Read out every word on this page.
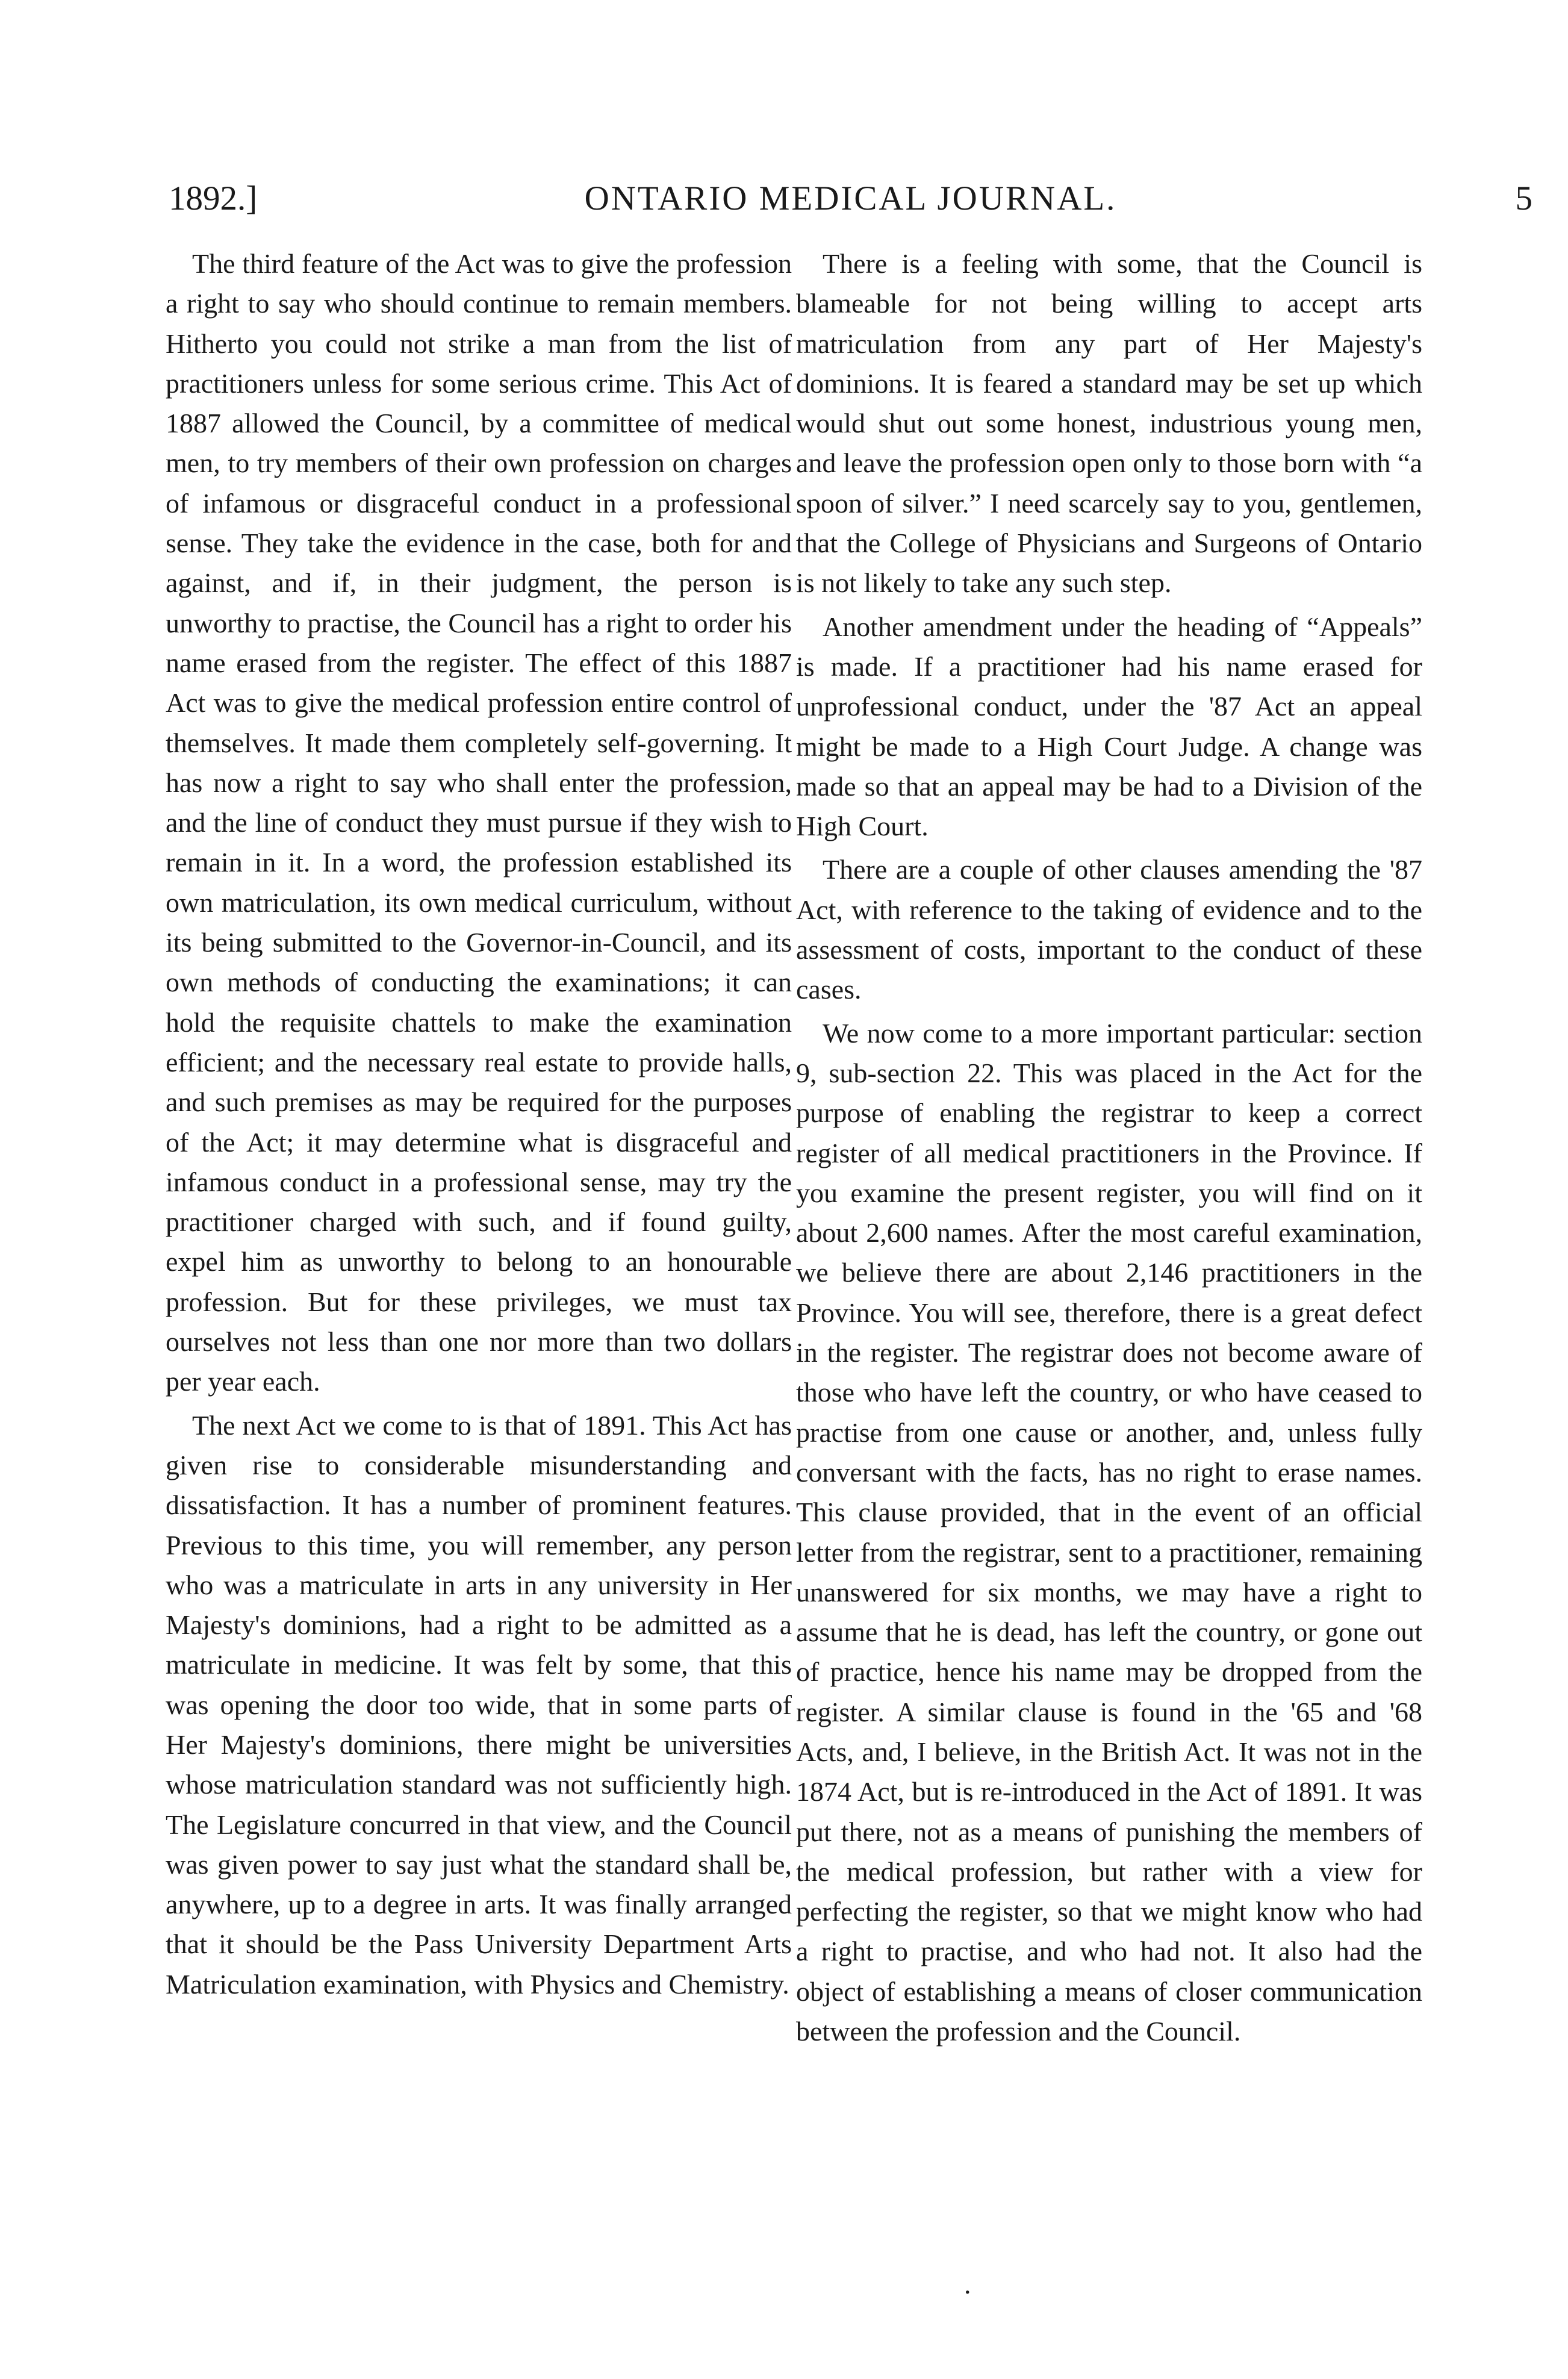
1892.]	ONTARIO MEDICAL JOURNAL.	5

The third feature of the Act was to give the profession a right to say who should continue to remain members. Hitherto you could not strike a man from the list of practitioners unless for some serious crime. This Act of 1887 allowed the Council, by a committee of medical men, to try members of their own profession on charges of infamous or disgraceful conduct in a professional sense. They take the evidence in the case, both for and against, and if, in their judgment, the person is unworthy to practise, the Council has a right to order his name erased from the register. The effect of this 1887 Act was to give the medical profession entire control of themselves. It made them completely self-governing. It has now a right to say who shall enter the profession, and the line of conduct they must pursue if they wish to remain in it. In a word, the profession established its own matriculation, its own medical curriculum, without its being submitted to the Governor-in-Council, and its own methods of conducting the examinations; it can hold the requisite chattels to make the examination efficient; and the necessary real estate to provide halls, and such premises as may be required for the purposes of the Act; it may determine what is disgraceful and infamous conduct in a professional sense, may try the practitioner charged with such, and if found guilty, expel him as unworthy to belong to an honourable profession. But for these privileges, we must tax ourselves not less than one nor more than two dollars per year each.

The next Act we come to is that of 1891. This Act has given rise to considerable misunderstanding and dissatisfaction. It has a number of prominent features. Previous to this time, you will remember, any person who was a matriculate in arts in any university in Her Majesty's dominions, had a right to be admitted as a matriculate in medicine. It was felt by some, that this was opening the door too wide, that in some parts of Her Majesty's dominions, there might be universities whose matriculation standard was not sufficiently high. The Legislature concurred in that view, and the Council was given power to say just what the standard shall be, anywhere, up to a degree in arts. It was finally arranged that it should be the Pass University Department Arts Matriculation examination, with Physics and Chemistry.

There is a feeling with some, that the Council is blameable for not being willing to accept arts matriculation from any part of Her Majesty's dominions. It is feared a standard may be set up which would shut out some honest, industrious young men, and leave the profession open only to those born with “a spoon of silver.” I need scarcely say to you, gentlemen, that the College of Physicians and Surgeons of Ontario is not likely to take any such step.

Another amendment under the heading of “Appeals” is made. If a practitioner had his name erased for unprofessional conduct, under the '87 Act an appeal might be made to a High Court Judge. A change was made so that an appeal may be had to a Division of the High Court.

There are a couple of other clauses amending the '87 Act, with reference to the taking of evidence and to the assessment of costs, important to the conduct of these cases.

We now come to a more important particular: section 9, sub-section 22. This was placed in the Act for the purpose of enabling the registrar to keep a correct register of all medical practitioners in the Province. If you examine the present register, you will find on it about 2,600 names. After the most careful examination, we believe there are about 2,146 practitioners in the Province. You will see, therefore, there is a great defect in the register. The registrar does not become aware of those who have left the country, or who have ceased to practise from one cause or another, and, unless fully conversant with the facts, has no right to erase names. This clause provided, that in the event of an official letter from the registrar, sent to a practitioner, remaining unanswered for six months, we may have a right to assume that he is dead, has left the country, or gone out of practice, hence his name may be dropped from the register. A similar clause is found in the '65 and '68 Acts, and, I believe, in the British Act. It was not in the 1874 Act, but is re-introduced in the Act of 1891. It was put there, not as a means of punishing the members of the medical profession, but rather with a view for perfecting the register, so that we might know who had a right to practise, and who had not. It also had the object of establishing a means of closer communication between the profession and the Council.

.
